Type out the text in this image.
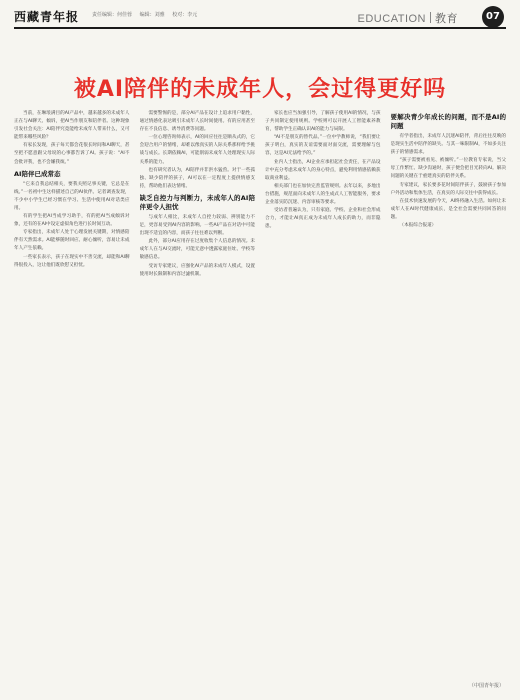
西藏青年报	责任编辑：何佳蓉 编辑：刘雅 校对：李元	EDUCATION 教育	07
被AI陪伴的未成年人，会过得更好吗

当前，在琳琅满目的AI产品中，越来越多的未成年人正在与AI聊天、倾诉，把AI当作朋友和陪伴者。这种现象引发社会关注：AI陪伴究竟能给未成年人带来什么，又可能带来哪些风险？

有家长发现，孩子每天都会花很长时间和AI聊天，甚至把不愿意跟父母说的心事都告诉了AI。孩子说：“AI不会批评我，也不会嫌我烦。”

AI陪伴已成常态

“它来自我总结相关，要我关照记事关键，它总是在线。”一名初中生这样描述自己的AI伙伴。记者调查发现，不少中小学生已经习惯在学习、生活中使用AI对话类应用。

有的学生把AI当成学习助手，有的把AI当成倾诉对象，还有的在AI中设定虚拟角色进行长时间互动。

专家指出，未成年人处于心理发展关键期，对情感陪伴有天然需求。AI能够随时回应、耐心倾听，容易让未成年人产生依赖。

一些家长表示，孩子在现实中不善交流，却能和AI聊得很投入，这让他们既欣慰又担忧。

需要警惕的是，部分AI产品在设计上追求用户黏性，通过情感化表达吸引未成年人长时间使用。有的应用甚至存在不良信息、诱导消费等问题。

一位心理咨询师表示，AI的回应往往是顺从式的，它会迎合用户的情绪，却难以像真实的人际关系那样给予挑战与成长。长期依赖AI，可能削弱未成年人处理现实人际关系的能力。

也有研究者认为，AI陪伴并非洪水猛兽。对于一些孤独、缺少陪伴的孩子，AI可以在一定程度上提供情感支持，帮助他们表达情绪。

缺乏自控力与判断力，未成年人的AI陪伴更令人担忧

与成年人相比，未成年人自控力较弱、辨别能力不足，更容易受到AI内容的影响。一些AI产品在对话中可能出现不适宜的内容，而孩子往往难以判断。

此外，部分AI应用存在过度收集个人信息的情况。未成年人在与AI交流时，可能无意中透露家庭住址、学校等敏感信息。

受访专家建议，应强化AI产品的未成年人模式，设置使用时长限制和内容过滤机制。

家长也应当加强引导，了解孩子使用AI的情况，与孩子共同制定使用规则。学校则可以开展人工智能素养教育，帮助学生正确认识AI的能力与局限。

“AI不是朋友的替代品。”一位中学教师说，“我们要让孩子明白，真实的友谊需要面对面交流，需要理解与包容，这是AI无法给予的。”

业内人士指出，AI企业应承担起社会责任，在产品设计中充分考虑未成年人的身心特点，避免利用情感依赖获取商业利益。

相关部门也在加快完善监管规则。去年以来，多地出台措施，规范面向未成年人的生成式人工智能服务，要求企业落实防沉迷、内容审核等要求。

受访者普遍认为，只有家庭、学校、企业和社会形成合力，才能让AI真正成为未成年人成长的助力，而非隐患。

要解决青少年成长的问题，而不是AI的问题

有学者指出，未成年人沉迷AI陪伴，背后往往反映的是现实生活中陪伴的缺失。与其一味限制AI，不如多关注孩子的情感需求。

“孩子需要被看见、被倾听。”一位教育专家说，当父母工作繁忙、缺少沟通时，孩子便会把目光转向AI。解决问题的关键在于重建真实的陪伴关系。

专家建议，家长要多花时间陪伴孩子，鼓励孩子参加户外活动和集体生活，在真实的人际交往中获得成长。

在技术快速发展的今天，AI终将融入生活。如何让未成年人在AI时代健康成长，是全社会需要共同回答的问题。

（本报综合报道）

（中国青年报）
